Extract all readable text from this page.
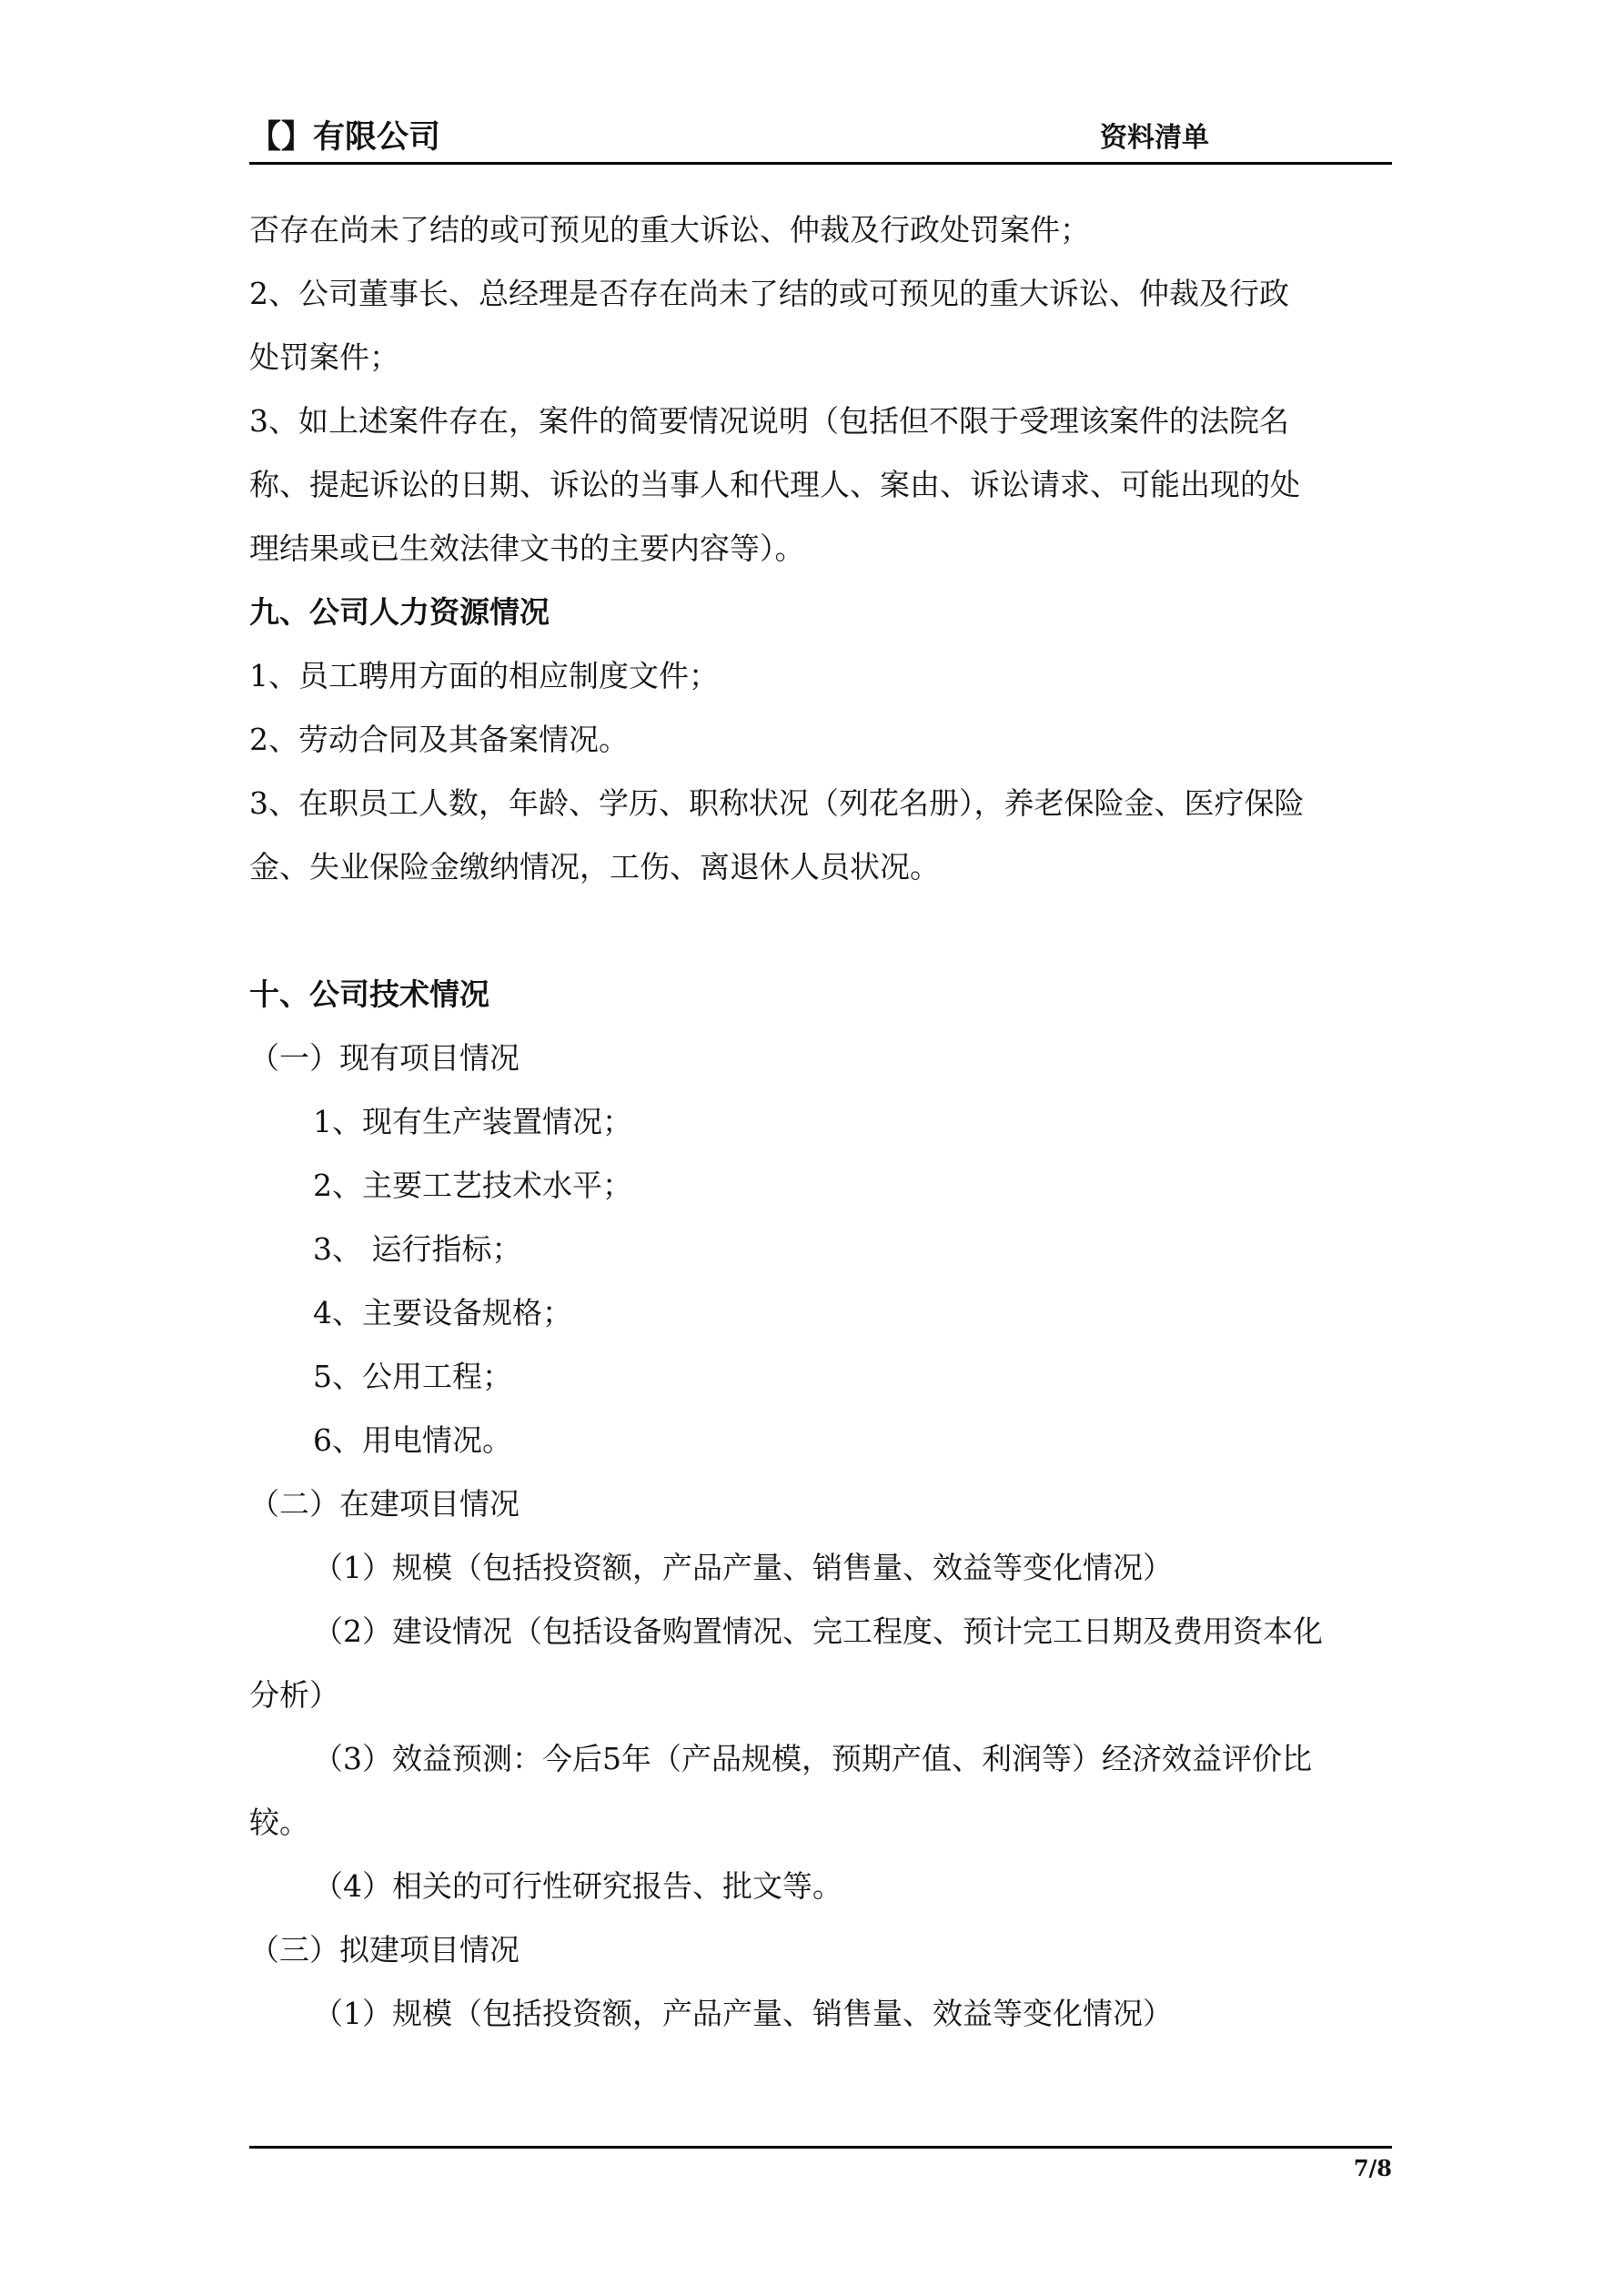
【】有限公司	资料清单
否存在尚未了结的或可预见的重大诉讼、仲裁及行政处罚案件；
2、公司董事长、总经理是否存在尚未了结的或可预见的重大诉讼、仲裁及行政
处罚案件；
3、如上述案件存在，案件的简要情况说明（包括但不限于受理该案件的法院名
称、提起诉讼的日期、诉讼的当事人和代理人、案由、诉讼请求、可能出现的处
理结果或已生效法律文书的主要内容等）。
九、公司人力资源情况
1、员工聘用方面的相应制度文件；
2、劳动合同及其备案情况。
3、在职员工人数，年龄、学历、职称状况（列花名册），养老保险金、医疗保险
金、失业保险金缴纳情况，工伤、离退休人员状况。
十、公司技术情况
（一）现有项目情况
1、现有生产装置情况；
2、主要工艺技术水平；
3、 运行指标；
4、主要设备规格；
5、公用工程；
6、用电情况。
（二）在建项目情况
（1）规模（包括投资额，产品产量、销售量、效益等变化情况）
（2）建设情况（包括设备购置情况、完工程度、预计完工日期及费用资本化
分析）
（3）效益预测：今后5年（产品规模，预期产值、利润等）经济效益评价比
较。
（4）相关的可行性研究报告、批文等。
（三）拟建项目情况
（1）规模（包括投资额，产品产量、销售量、效益等变化情况）
7/8
